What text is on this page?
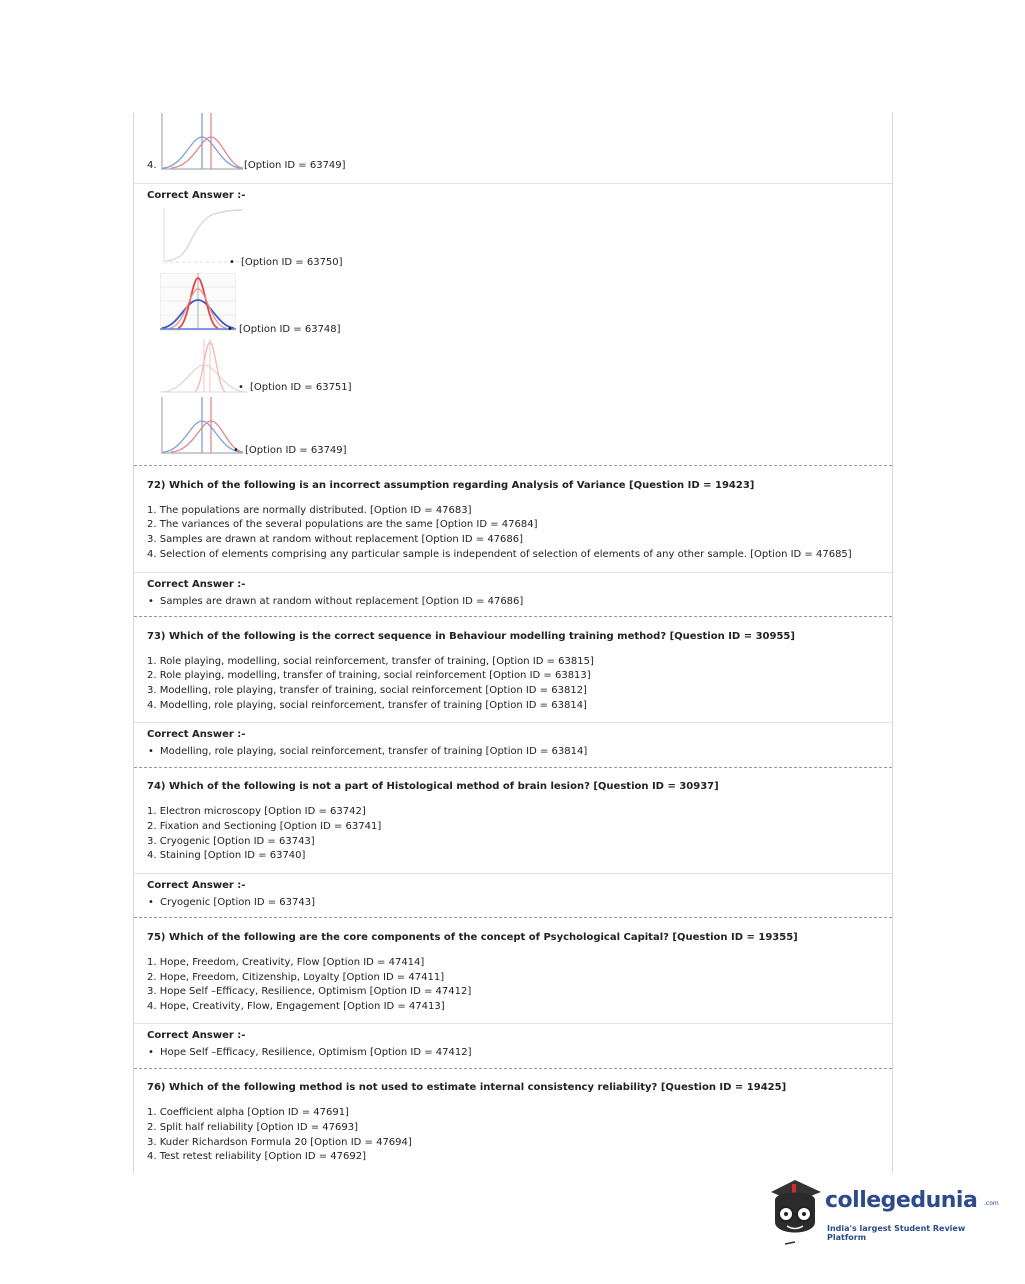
4.	[Option ID = 63749]
Correct Answer :-
• [Option ID = 63750]
• [Option ID = 63748]
• [Option ID = 63751]
• [Option ID = 63749]
72) Which of the following is an incorrect assumption regarding Analysis of Variance [Question ID = 19423]
1. The populations are normally distributed. [Option ID = 47683]
2. The variances of the several populations are the same [Option ID = 47684]
3. Samples are drawn at random without replacement [Option ID = 47686]
4. Selection of elements comprising any particular sample is independent of selection of elements of any other sample. [Option ID = 47685]
Correct Answer :-
• Samples are drawn at random without replacement [Option ID = 47686]
73) Which of the following is the correct sequence in Behaviour modelling training method? [Question ID = 30955]
1. Role playing, modelling, social reinforcement, transfer of training, [Option ID = 63815]
2. Role playing, modelling, transfer of training, social reinforcement [Option ID = 63813]
3. Modelling, role playing, transfer of training, social reinforcement [Option ID = 63812]
4. Modelling, role playing, social reinforcement, transfer of training [Option ID = 63814]
Correct Answer :-
• Modelling, role playing, social reinforcement, transfer of training [Option ID = 63814]
74) Which of the following is not a part of Histological method of brain lesion? [Question ID = 30937]
1. Electron microscopy [Option ID = 63742]
2. Fixation and Sectioning [Option ID = 63741]
3. Cryogenic [Option ID = 63743]
4. Staining [Option ID = 63740]
Correct Answer :-
• Cryogenic [Option ID = 63743]
75) Which of the following are the core components of the concept of Psychological Capital? [Question ID = 19355]
1. Hope, Freedom, Creativity, Flow [Option ID = 47414]
2. Hope, Freedom, Citizenship, Loyalty [Option ID = 47411]
3. Hope Self –Efficacy, Resilience, Optimism [Option ID = 47412]
4. Hope, Creativity, Flow, Engagement [Option ID = 47413]
Correct Answer :-
• Hope Self –Efficacy, Resilience, Optimism [Option ID = 47412]
76) Which of the following method is not used to estimate internal consistency reliability? [Question ID = 19425]
1. Coefficient alpha [Option ID = 47691]
2. Split half reliability [Option ID = 47693]
3. Kuder Richardson Formula 20 [Option ID = 47694]
4. Test retest reliability [Option ID = 47692]
collegedunia .com
India's largest Student Review Platform
